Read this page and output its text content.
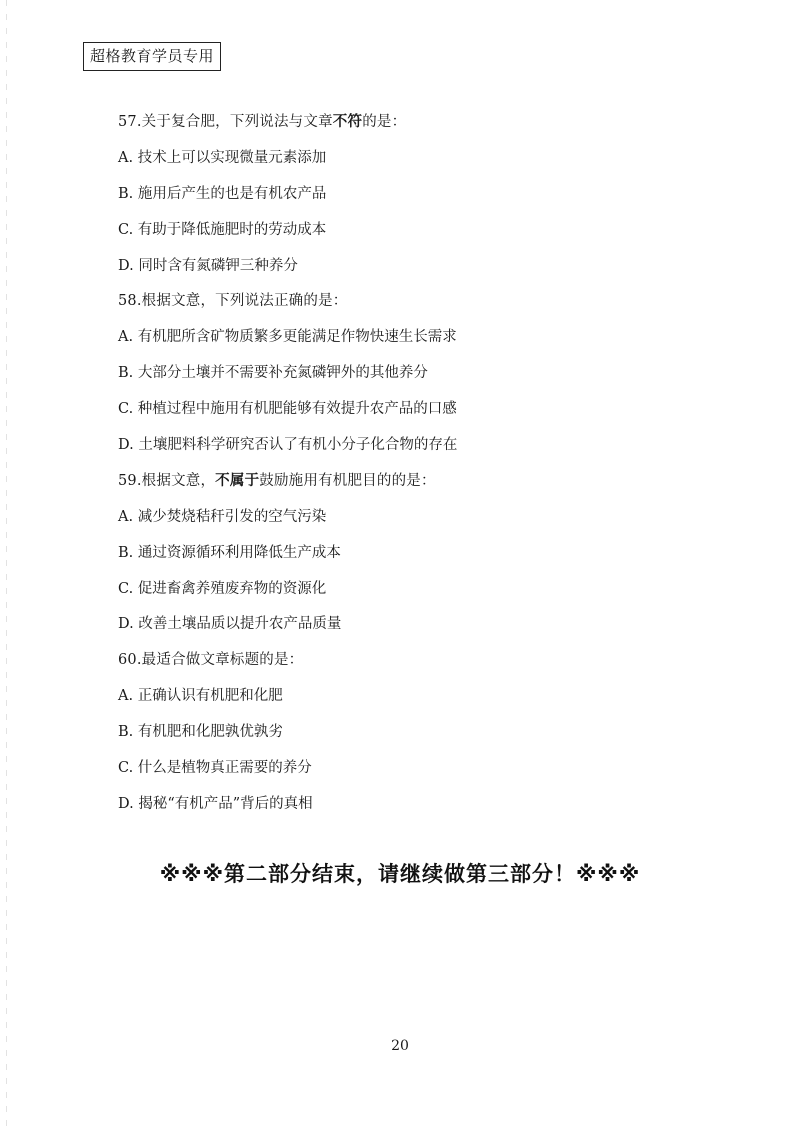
超格教育学员专用
57.关于复合肥，下列说法与文章不符的是：
A. 技术上可以实现微量元素添加
B. 施用后产生的也是有机农产品
C. 有助于降低施肥时的劳动成本
D. 同时含有氮磷钾三种养分
58.根据文意，下列说法正确的是：
A. 有机肥所含矿物质繁多更能满足作物快速生长需求
B. 大部分土壤并不需要补充氮磷钾外的其他养分
C. 种植过程中施用有机肥能够有效提升农产品的口感
D. 土壤肥料科学研究否认了有机小分子化合物的存在
59.根据文意，不属于鼓励施用有机肥目的的是：
A. 减少焚烧秸秆引发的空气污染
B. 通过资源循环利用降低生产成本
C. 促进畜禽养殖废弃物的资源化
D. 改善土壤品质以提升农产品质量
60.最适合做文章标题的是：
A. 正确认识有机肥和化肥
B. 有机肥和化肥孰优孰劣
C. 什么是植物真正需要的养分
D. 揭秘“有机产品”背后的真相
※※※第二部分结束，请继续做第三部分！※※※
20
